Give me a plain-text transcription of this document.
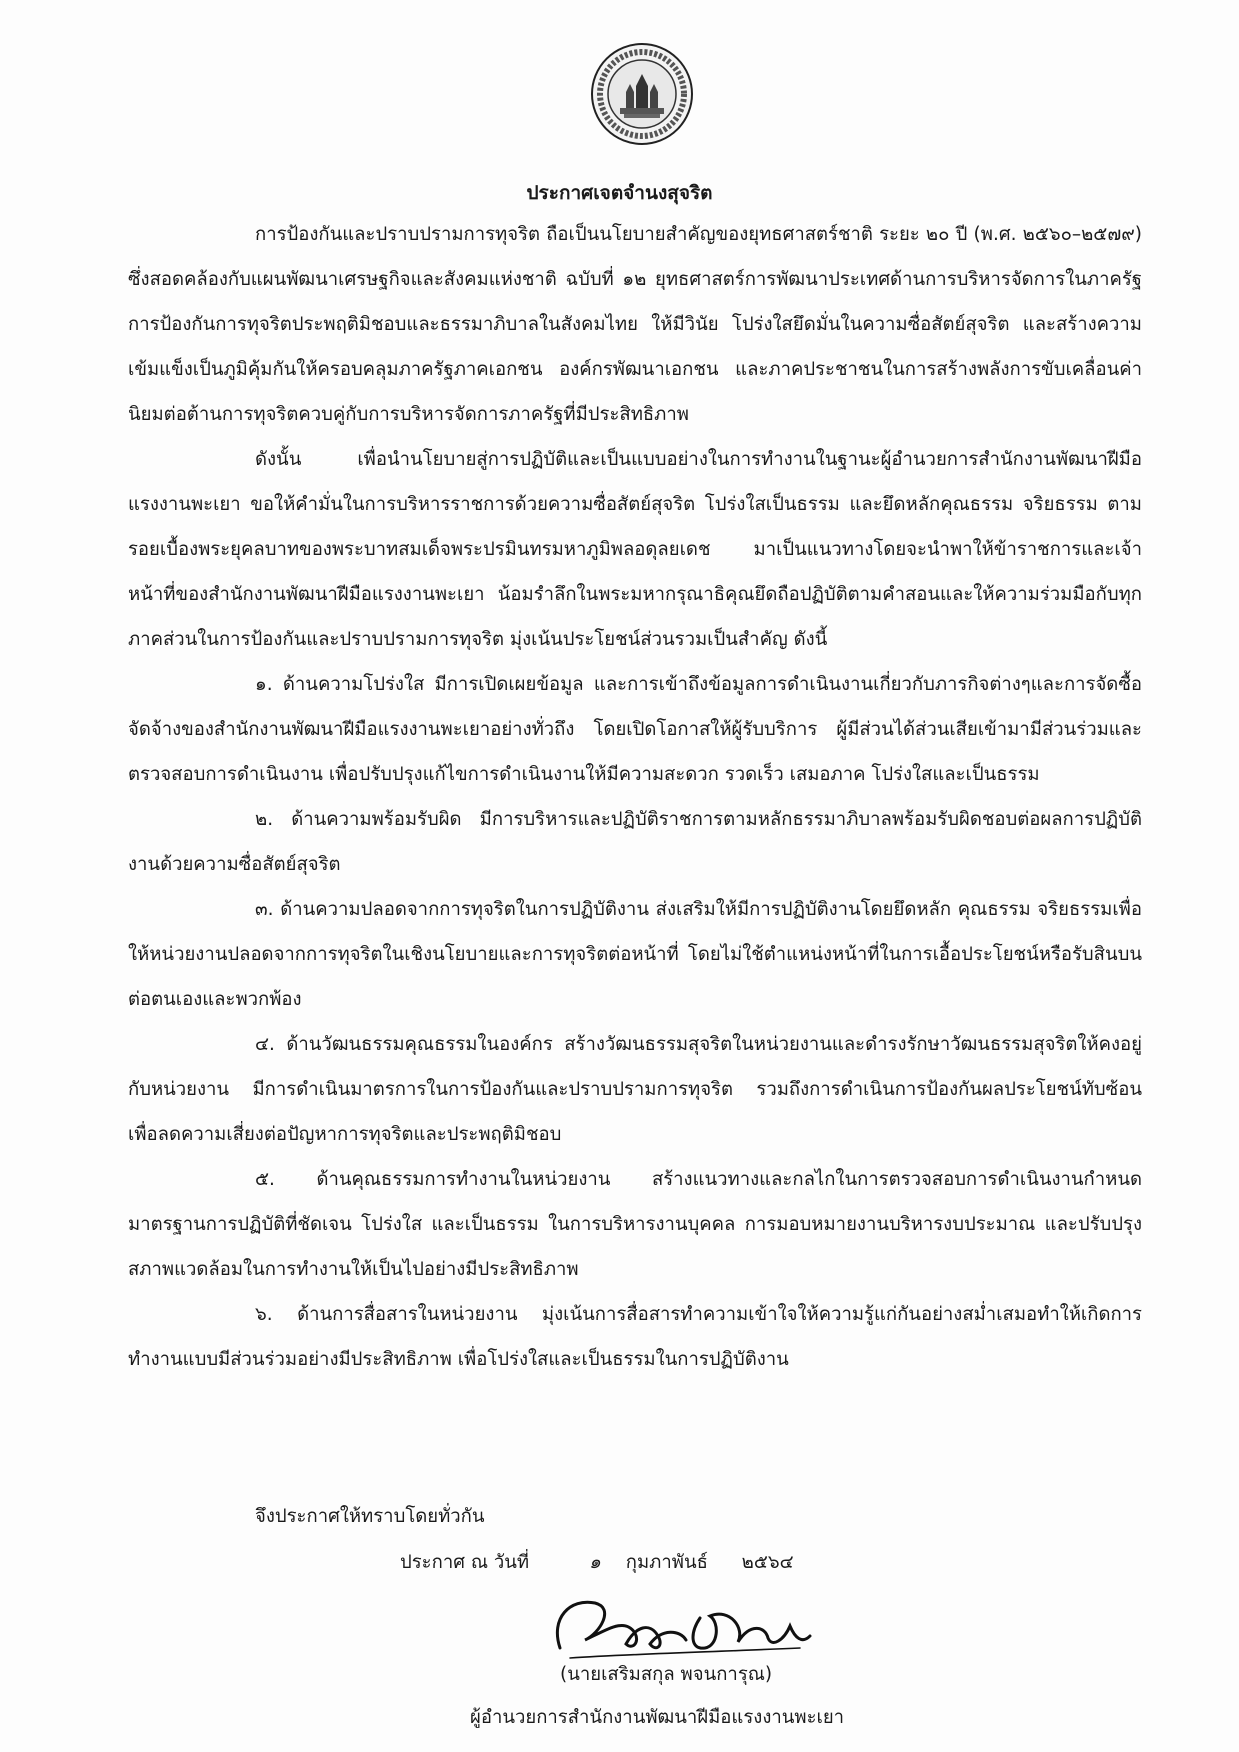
ประกาศเจตจำนงสุจริต

การป้องกันและปราบปรามการทุจริต ถือเป็นนโยบายสำคัญของยุทธศาสตร์ชาติ ระยะ ๒๐ ปี (พ.ศ. ๒๕๖๐–๒๕๗๙) ซึ่งสอดคล้องกับแผนพัฒนาเศรษฐกิจและสังคมแห่งชาติ ฉบับที่ ๑๒ ยุทธศาสตร์การพัฒนาประเทศด้านการบริหารจัดการในภาครัฐ การป้องกันการทุจริตประพฤติมิชอบและธรรมาภิบาลในสังคมไทย ให้มีวินัย โปร่งใสยึดมั่นในความซื่อสัตย์สุจริต และสร้างความเข้มแข็งเป็นภูมิคุ้มกันให้ครอบคลุมภาครัฐภาคเอกชน องค์กรพัฒนาเอกชน และภาคประชาชนในการสร้างพลังการขับเคลื่อนค่านิยมต่อต้านการทุจริตควบคู่กับการบริหารจัดการภาครัฐที่มีประสิทธิภาพ

ดังนั้น เพื่อนำนโยบายสู่การปฏิบัติและเป็นแบบอย่างในการทำงานในฐานะผู้อำนวยการสำนักงานพัฒนาฝีมือแรงงานพะเยา ขอให้คำมั่นในการบริหารราชการด้วยความซื่อสัตย์สุจริต โปร่งใสเป็นธรรม และยึดหลักคุณธรรม จริยธรรม ตามรอยเบื้องพระยุคลบาทของพระบาทสมเด็จพระปรมินทรมหาภูมิพลอดุลยเดช มาเป็นแนวทางโดยจะนำพาให้ข้าราชการและเจ้าหน้าที่ของสำนักงานพัฒนาฝีมือแรงงานพะเยา น้อมรำลึกในพระมหากรุณาธิคุณยึดถือปฏิบัติตามคำสอนและให้ความร่วมมือกับทุกภาคส่วนในการป้องกันและปราบปรามการทุจริต มุ่งเน้นประโยชน์ส่วนรวมเป็นสำคัญ ดังนี้

๑. ด้านความโปร่งใส มีการเปิดเผยข้อมูล และการเข้าถึงข้อมูลการดำเนินงานเกี่ยวกับภารกิจต่างๆและการจัดซื้อจัดจ้างของสำนักงานพัฒนาฝีมือแรงงานพะเยาอย่างทั่วถึง โดยเปิดโอกาสให้ผู้รับบริการ ผู้มีส่วนได้ส่วนเสียเข้ามามีส่วนร่วมและตรวจสอบการดำเนินงาน เพื่อปรับปรุงแก้ไขการดำเนินงานให้มีความสะดวก รวดเร็ว เสมอภาค โปร่งใสและเป็นธรรม

๒. ด้านความพร้อมรับผิด มีการบริหารและปฏิบัติราชการตามหลักธรรมาภิบาลพร้อมรับผิดชอบต่อผลการปฏิบัติงานด้วยความซื่อสัตย์สุจริต

๓. ด้านความปลอดจากการทุจริตในการปฏิบัติงาน ส่งเสริมให้มีการปฏิบัติงานโดยยึดหลัก คุณธรรม จริยธรรมเพื่อให้หน่วยงานปลอดจากการทุจริตในเชิงนโยบายและการทุจริตต่อหน้าที่ โดยไม่ใช้ตำแหน่งหน้าที่ในการเอื้อประโยชน์หรือรับสินบนต่อตนเองและพวกพ้อง

๔. ด้านวัฒนธรรมคุณธรรมในองค์กร สร้างวัฒนธรรมสุจริตในหน่วยงานและดำรงรักษาวัฒนธรรมสุจริตให้คงอยู่กับหน่วยงาน มีการดำเนินมาตรการในการป้องกันและปราบปรามการทุจริต รวมถึงการดำเนินการป้องกันผลประโยชน์ทับซ้อน เพื่อลดความเสี่ยงต่อปัญหาการทุจริตและประพฤติมิชอบ

๕. ด้านคุณธรรมการทำงานในหน่วยงาน สร้างแนวทางและกลไกในการตรวจสอบการดำเนินงานกำหนดมาตรฐานการปฏิบัติที่ชัดเจน โปร่งใส และเป็นธรรม ในการบริหารงานบุคคล การมอบหมายงานบริหารงบประมาณ และปรับปรุงสภาพแวดล้อมในการทำงานให้เป็นไปอย่างมีประสิทธิภาพ

๖. ด้านการสื่อสารในหน่วยงาน มุ่งเน้นการสื่อสารทำความเข้าใจให้ความรู้แก่กันอย่างสม่ำเสมอทำให้เกิดการทำงานแบบมีส่วนร่วมอย่างมีประสิทธิภาพ เพื่อโปร่งใสและเป็นธรรมในการปฏิบัติงาน

จึงประกาศให้ทราบโดยทั่วกัน
ประกาศ ณ วันที่	๑ กุมภาพันธ์ ๒๕๖๔
(นายเสริมสกุล พจนการุณ)
ผู้อำนวยการสำนักงานพัฒนาฝีมือแรงงานพะเยา
